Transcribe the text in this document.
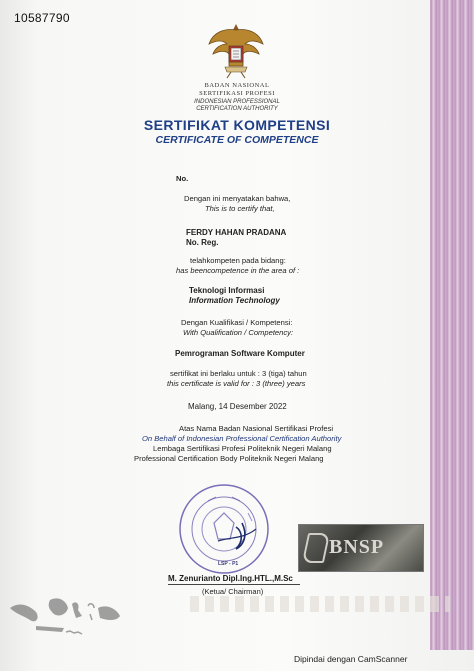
10587790
BADAN NASIONAL
SERTIFIKASI PROFESI
INDONESIAN PROFESSIONAL
CERTIFICATION AUTHORITY
SERTIFIKAT KOMPETENSI
CERTIFICATE OF COMPETENCE
No.
Dengan ini menyatakan bahwa,
This is to certify that,
FERDY HAHAN PRADANA
No. Reg.
telahkompeten pada bidang:
has beencompetence in the area of :
Teknologi Informasi
Information Technology
Dengan Kualifikasi / Kompetensi:
With Qualification / Competency:
Pemrograman Software Komputer
sertifikat ini berlaku untuk : 3 (tiga) tahun
this certificate is valid for : 3 (three) years
Malang, 14 Desember 2022
Atas Nama Badan Nasional Sertifikasi Profesi
On Behalf of Indonesian Professional Certification Authority
Lembaga Sertifikasi Profesi Politeknik Negeri Malang
Professional Certification Body Politeknik Negeri Malang
LSP - P1
BNSP
M. Zenurianto Dipl.Ing.HTL.,M.Sc
(Ketua/ Chairman)
Dipindai dengan CamScanner
